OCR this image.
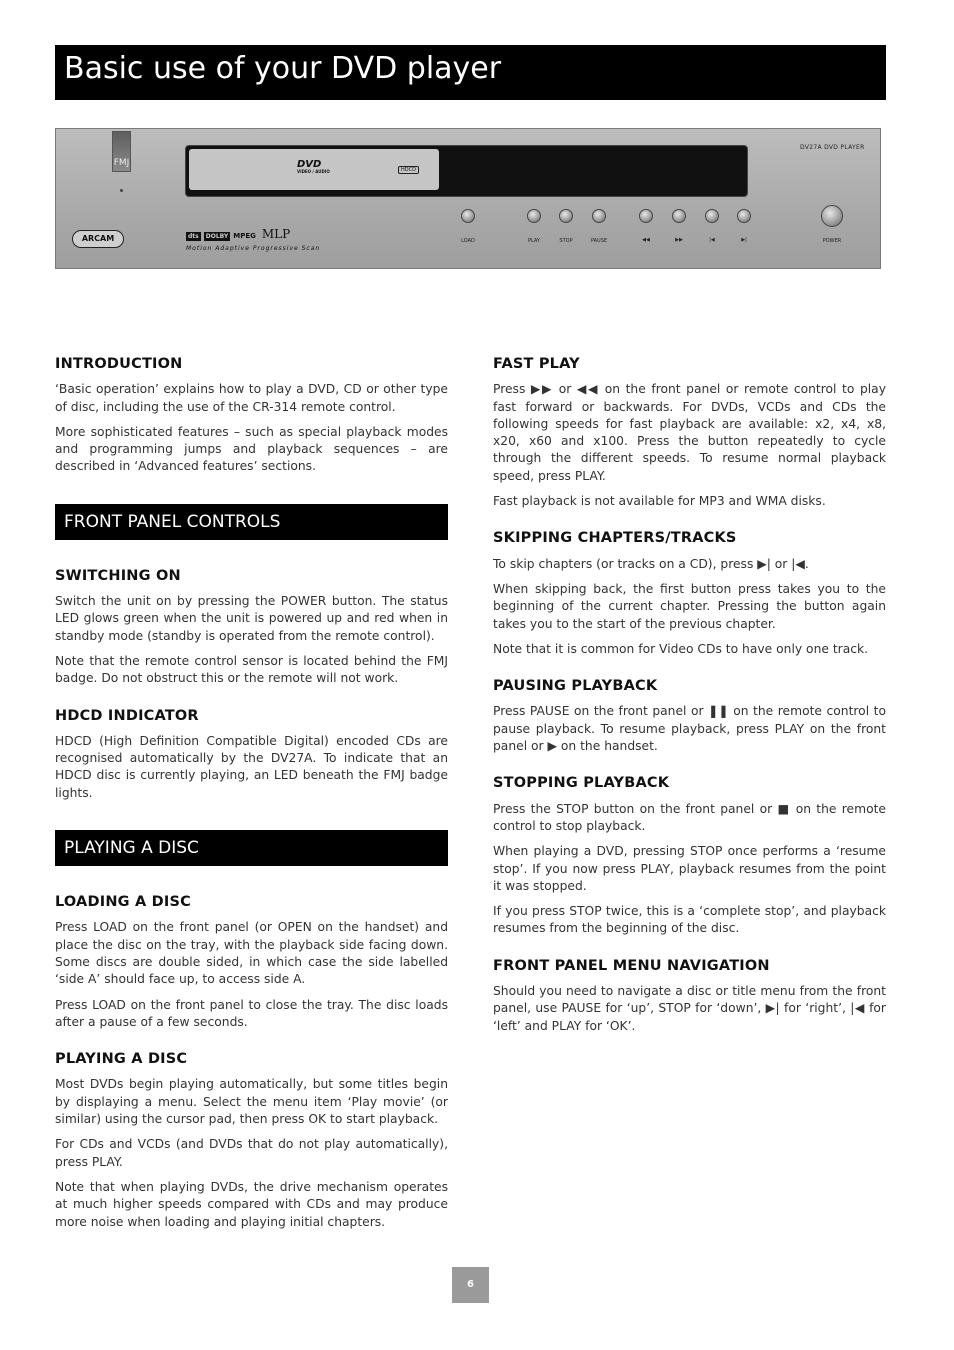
Basic use of your DVD player
FMJ	DVD
VIDEO / AUDIO	HDCD
DV27A DVD PLAYER
ARCAM	dts DOLBY MPEG MLP
Motion Adaptive Progressive Scan
LOAD	PLAY	STOP	PAUSE	◀◀	▶▶	|◀	▶|	POWER
INTRODUCTION

‘Basic operation’ explains how to play a DVD, CD or other type of disc, including the use of the CR-314 remote control.

More sophisticated features – such as special playback modes and programming jumps and playback sequences – are described in ‘Advanced features’ sections.

FRONT PANEL CONTROLS
SWITCHING ON

Switch the unit on by pressing the POWER button. The status LED glows green when the unit is powered up and red when in standby mode (standby is operated from the remote control).

Note that the remote control sensor is located behind the FMJ badge. Do not obstruct this or the remote will not work.

HDCD INDICATOR

HDCD (High Definition Compatible Digital) encoded CDs are recognised automatically by the DV27A. To indicate that an HDCD disc is currently playing, an LED beneath the FMJ badge lights.

PLAYING A DISC
LOADING A DISC

Press LOAD on the front panel (or OPEN on the handset) and place the disc on the tray, with the playback side facing down. Some discs are double sided, in which case the side labelled ‘side A’ should face up, to access side A.

Press LOAD on the front panel to close the tray. The disc loads after a pause of a few seconds.

PLAYING A DISC

Most DVDs begin playing automatically, but some titles begin by displaying a menu. Select the menu item ‘Play movie’ (or similar) using the cursor pad, then press OK to start playback.

For CDs and VCDs (and DVDs that do not play automatically), press PLAY.

Note that when playing DVDs, the drive mechanism operates at much higher speeds compared with CDs and may produce more noise when loading and playing initial chapters.

FAST PLAY

Press ▶▶ or ◀◀ on the front panel or remote control to play fast forward or backwards. For DVDs, VCDs and CDs the following speeds for fast playback are available: x2, x4, x8, x20, x60 and x100. Press the button repeatedly to cycle through the different speeds. To resume normal playback speed, press PLAY.

Fast playback is not available for MP3 and WMA disks.

SKIPPING CHAPTERS/TRACKS

To skip chapters (or tracks on a CD), press ▶| or |◀.

When skipping back, the first button press takes you to the beginning of the current chapter. Pressing the button again takes you to the start of the previous chapter.

Note that it is common for Video CDs to have only one track.

PAUSING PLAYBACK

Press PAUSE on the front panel or ❚❚ on the remote control to pause playback. To resume playback, press PLAY on the front panel or ▶ on the handset.

STOPPING PLAYBACK

Press the STOP button on the front panel or ■ on the remote control to stop playback.

When playing a DVD, pressing STOP once performs a ‘resume stop’. If you now press PLAY, playback resumes from the point it was stopped.

If you press STOP twice, this is a ‘complete stop’, and playback resumes from the beginning of the disc.

FRONT PANEL MENU NAVIGATION

Should you need to navigate a disc or title menu from the front panel, use PAUSE for ‘up’, STOP for ‘down’, ▶| for ‘right’, |◀ for ‘left’ and PLAY for ‘OK’.

6
